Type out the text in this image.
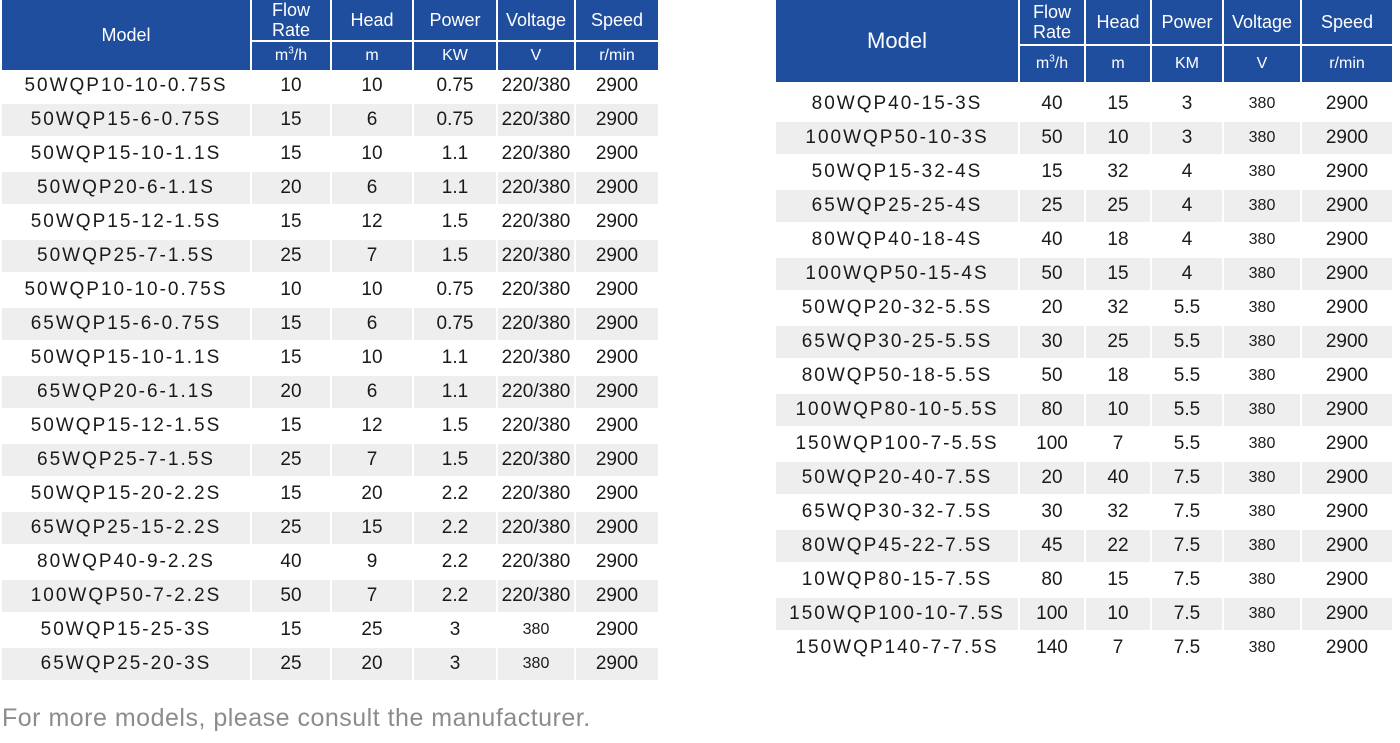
Model	Flow Rate	Head	Power	Voltage	Speed
	$m^3/h$	m	KW	V	r/min
50WQP10-10-0.75S	10	10	0.75	220/380	2900
50WQP15-6-0.75S	15	6	0.75	220/380	2900
50WQP15-10-1.1S	15	10	1.1	220/380	2900
50WQP20-6-1.1S	20	6	1.1	220/380	2900
50WQP15-12-1.5S	15	12	1.5	220/380	2900
50WQP25-7-1.5S	25	7	1.5	220/380	2900
50WQP10-10-0.75S	10	10	0.75	220/380	2900
65WQP15-6-0.75S	15	6	0.75	220/380	2900
50WQP15-10-1.1S	15	10	1.1	220/380	2900
65WQP20-6-1.1S	20	6	1.1	220/380	2900
50WQP15-12-1.5S	15	12	1.5	220/380	2900
65WQP25-7-1.5S	25	7	1.5	220/380	2900
50WQP15-20-2.2S	15	20	2.2	220/380	2900
65WQP25-15-2.2S	25	15	2.2	220/380	2900
80WQP40-9-2.2S	40	9	2.2	220/380	2900
100WQP50-7-2.2S	50	7	2.2	220/380	2900
50WQP15-25-3S	15	25	3	380	2900
65WQP25-20-3S	25	20	3	380	2900
Model	Flow Rate	Head	Power	Voltage	Speed
	$m^3/h$	m	KM	V	r/min

80WQP40-15-3S	40	15	3	380	2900
100WQP50-10-3S	50	10	3	380	2900
50WQP15-32-4S	15	32	4	380	2900
65WQP25-25-4S	25	25	4	380	2900
80WQP40-18-4S	40	18	4	380	2900
100WQP50-15-4S	50	15	4	380	2900
50WQP20-32-5.5S	20	32	5.5	380	2900
65WQP30-25-5.5S	30	25	5.5	380	2900
80WQP50-18-5.5S	50	18	5.5	380	2900
100WQP80-10-5.5S	80	10	5.5	380	2900
150WQP100-7-5.5S	100	7	5.5	380	2900
50WQP20-40-7.5S	20	40	7.5	380	2900
65WQP30-32-7.5S	30	32	7.5	380	2900
80WQP45-22-7.5S	45	22	7.5	380	2900
10WQP80-15-7.5S	80	15	7.5	380	2900
150WQP100-10-7.5S	100	10	7.5	380	2900
150WQP140-7-7.5S	140	7	7.5	380	2900
For more models, please consult the manufacturer.
